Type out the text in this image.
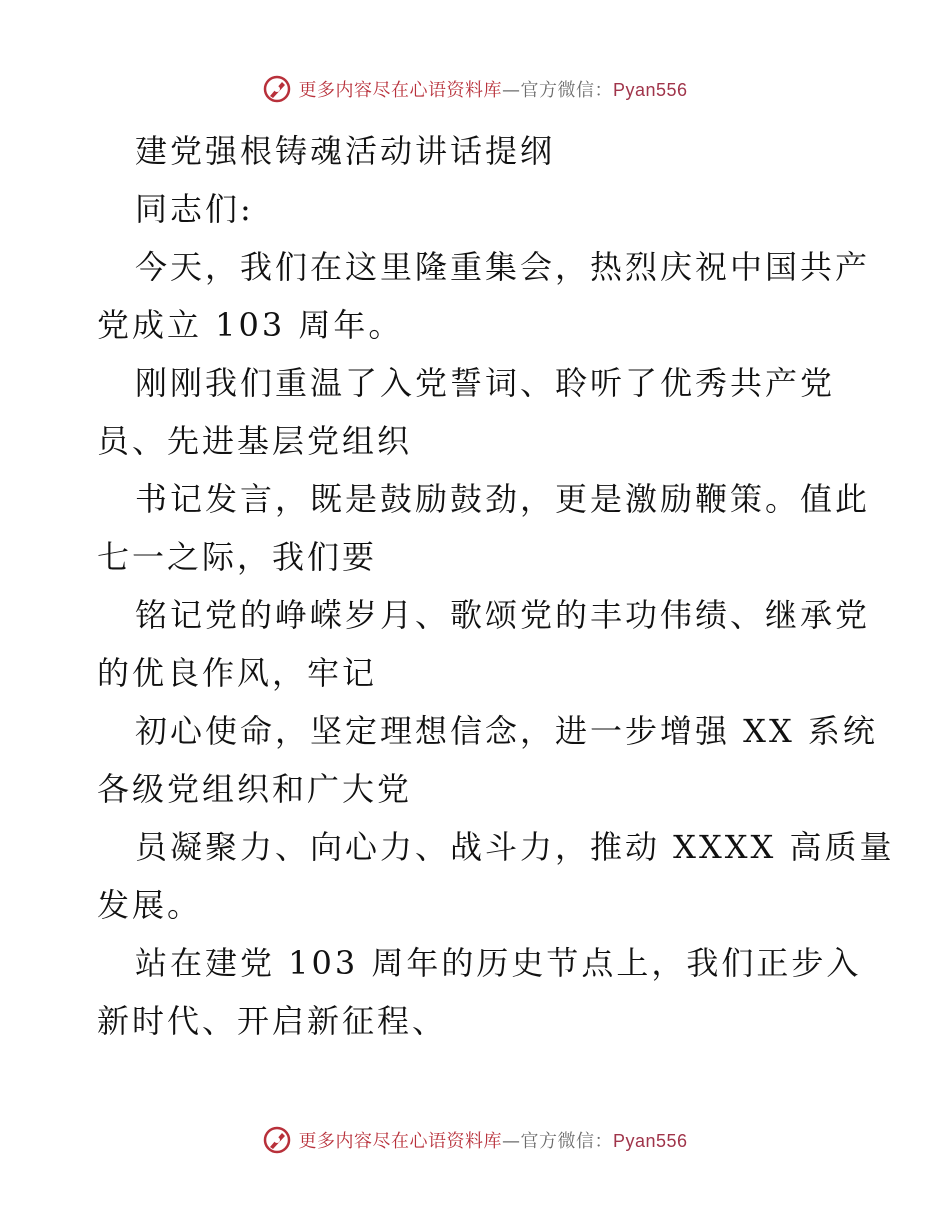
更多内容尽在心语资料库—官方微信：Pyan556
建党强根铸魂活动讲话提纲
同志们:
今天，我们在这里隆重集会，热烈庆祝中国共产
党成立 103 周年。
刚刚我们重温了入党誓词、聆听了优秀共产党
员、先进基层党组织
书记发言，既是鼓励鼓劲，更是激励鞭策。值此
七一之际，我们要
铭记党的峥嵘岁月、歌颂党的丰功伟绩、继承党
的优良作风，牢记
初心使命，坚定理想信念，进一步增强 XX 系统
各级党组织和广大党
员凝聚力、向心力、战斗力，推动 XXXX 高质量
发展。
站在建党 103 周年的历史节点上，我们正步入
新时代、开启新征程、
更多内容尽在心语资料库—官方微信：Pyan556
